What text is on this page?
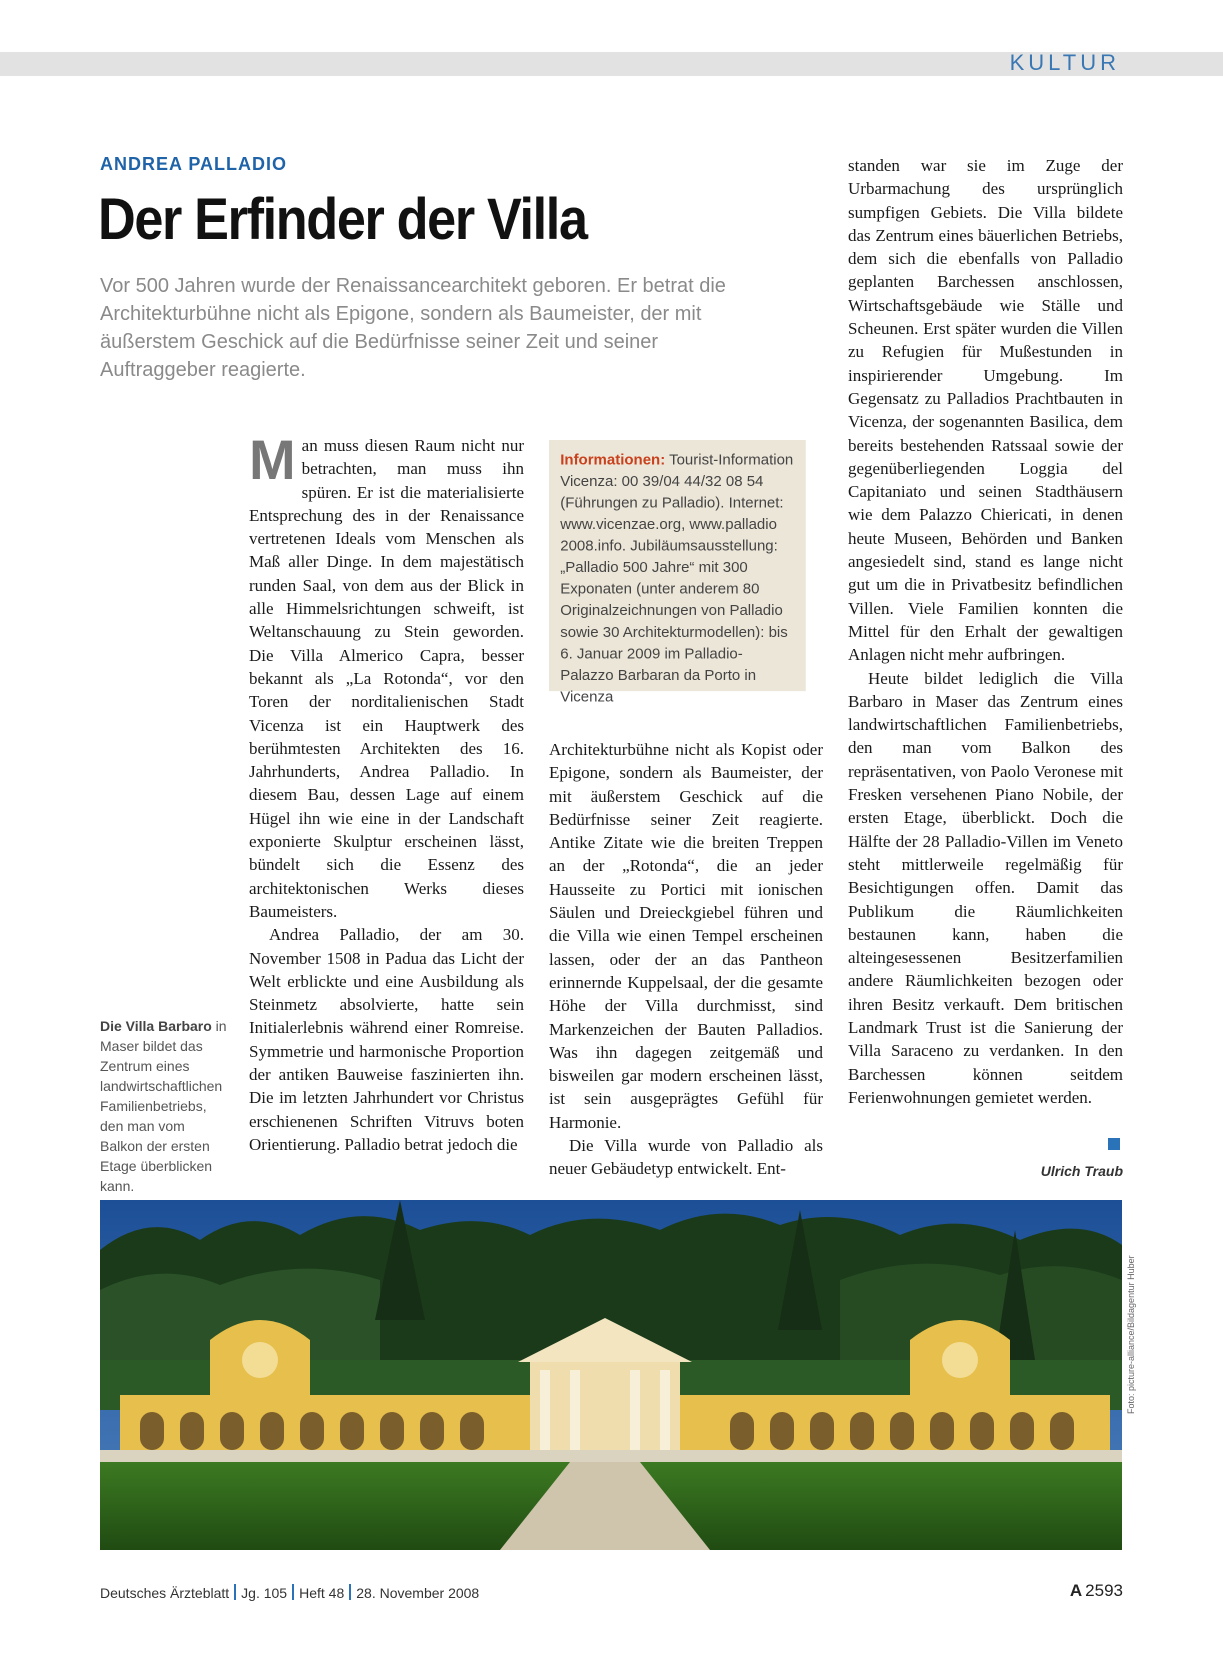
KULTUR
ANDREA PALLADIO
Der Erfinder der Villa

Vor 500 Jahren wurde der Renaissancearchitekt geboren. Er betrat die Architekturbühne nicht als Epigone, sondern als Baumeister, der mit äußerstem Geschick auf die Bedürfnisse seiner Zeit und seiner Auftraggeber reagierte.

Man muss diesen Raum nicht nur betrachten, man muss ihn spüren. Er ist die materialisierte Entsprechung des in der Renaissance vertretenen Ideals vom Menschen als Maß aller Dinge. In dem majestätisch runden Saal, von dem aus der Blick in alle Himmelsrichtungen schweift, ist Weltanschauung zu Stein geworden. Die Villa Almerico Capra, besser bekannt als „La Rotonda“, vor den Toren der norditalienischen Stadt Vicenza ist ein Hauptwerk des berühmtesten Architekten des 16. Jahrhunderts, Andrea Palladio. In diesem Bau, dessen Lage auf einem Hügel ihn wie eine in der Landschaft exponierte Skulptur erscheinen lässt, bündelt sich die Essenz des architektonischen Werks dieses Baumeisters.

Andrea Palladio, der am 30. November 1508 in Padua das Licht der Welt erblickte und eine Ausbildung als Steinmetz absolvierte, hatte sein Initialerlebnis während einer Romreise. Symmetrie und harmonische Proportion der antiken Bauweise faszinierten ihn. Die im letzten Jahrhundert vor Christus erschienenen Schriften Vitruvs boten Orientierung. Palladio betrat jedoch die

Informationen: Tourist-Information Vicenza: 00 39/04 44/32 08 54 (Führungen zu Palladio). Internet: www.vicenzae.org, www.palladio 2008.info. Jubiläumsausstellung: „Palladio 500 Jahre“ mit 300 Exponaten (unter anderem 80 Originalzeichnungen von Palladio sowie 30 Architekturmodellen): bis 6. Januar 2009 im Palladio-Palazzo Barbaran da Porto in Vicenza

Architekturbühne nicht als Kopist oder Epigone, sondern als Baumeister, der mit äußerstem Geschick auf die Bedürfnisse seiner Zeit reagierte. Antike Zitate wie die breiten Treppen an der „Rotonda“, die an jeder Hausseite zu Portici mit ionischen Säulen und Dreieckgiebel führen und die Villa wie einen Tempel erscheinen lassen, oder der an das Pantheon erinnernde Kuppelsaal, der die gesamte Höhe der Villa durchmisst, sind Markenzeichen der Bauten Palladios. Was ihn dagegen zeitgemäß und bisweilen gar modern erscheinen lässt, ist sein ausgeprägtes Gefühl für Harmonie.

Die Villa wurde von Palladio als neuer Gebäudetyp entwickelt. Ent-

standen war sie im Zuge der Urbarmachung des ursprünglich sumpfigen Gebiets. Die Villa bildete das Zentrum eines bäuerlichen Betriebs, dem sich die ebenfalls von Palladio geplanten Barchessen anschlossen, Wirtschaftsgebäude wie Ställe und Scheunen. Erst später wurden die Villen zu Refugien für Mußestunden in inspirierender Umgebung. Im Gegensatz zu Palladios Prachtbauten in Vicenza, der sogenannten Basilica, dem bereits bestehenden Ratssaal sowie der gegenüberliegenden Loggia del Capitaniato und seinen Stadthäusern wie dem Palazzo Chiericati, in denen heute Museen, Behörden und Banken angesiedelt sind, stand es lange nicht gut um die in Privatbesitz befindlichen Villen. Viele Familien konnten die Mittel für den Erhalt der gewaltigen Anlagen nicht mehr aufbringen.

Heute bildet lediglich die Villa Barbaro in Maser das Zentrum eines landwirtschaftlichen Familienbetriebs, den man vom Balkon des repräsentativen, von Paolo Veronese mit Fresken versehenen Piano Nobile, der ersten Etage, überblickt. Doch die Hälfte der 28 Palladio-Villen im Veneto steht mittlerweile regelmäßig für Besichtigungen offen. Damit das Publikum die Räumlichkeiten bestaunen kann, haben die alteingesessenen Besitzerfamilien andere Räumlichkeiten bezogen oder ihren Besitz verkauft. Dem britischen Landmark Trust ist die Sanierung der Villa Saraceno zu verdanken. In den Barchessen können seitdem Ferienwohnungen gemietet werden.

Ulrich Traub
Die Villa Barbaro in Maser bildet das Zentrum eines landwirtschaftlichen Familienbetriebs, den man vom Balkon der ersten Etage überblicken kann.
Foto: picture-alliance/Bildagentur Huber
Deutsches Ärzteblatt Jg. 105 Heft 48 28. November 2008	A 2593
